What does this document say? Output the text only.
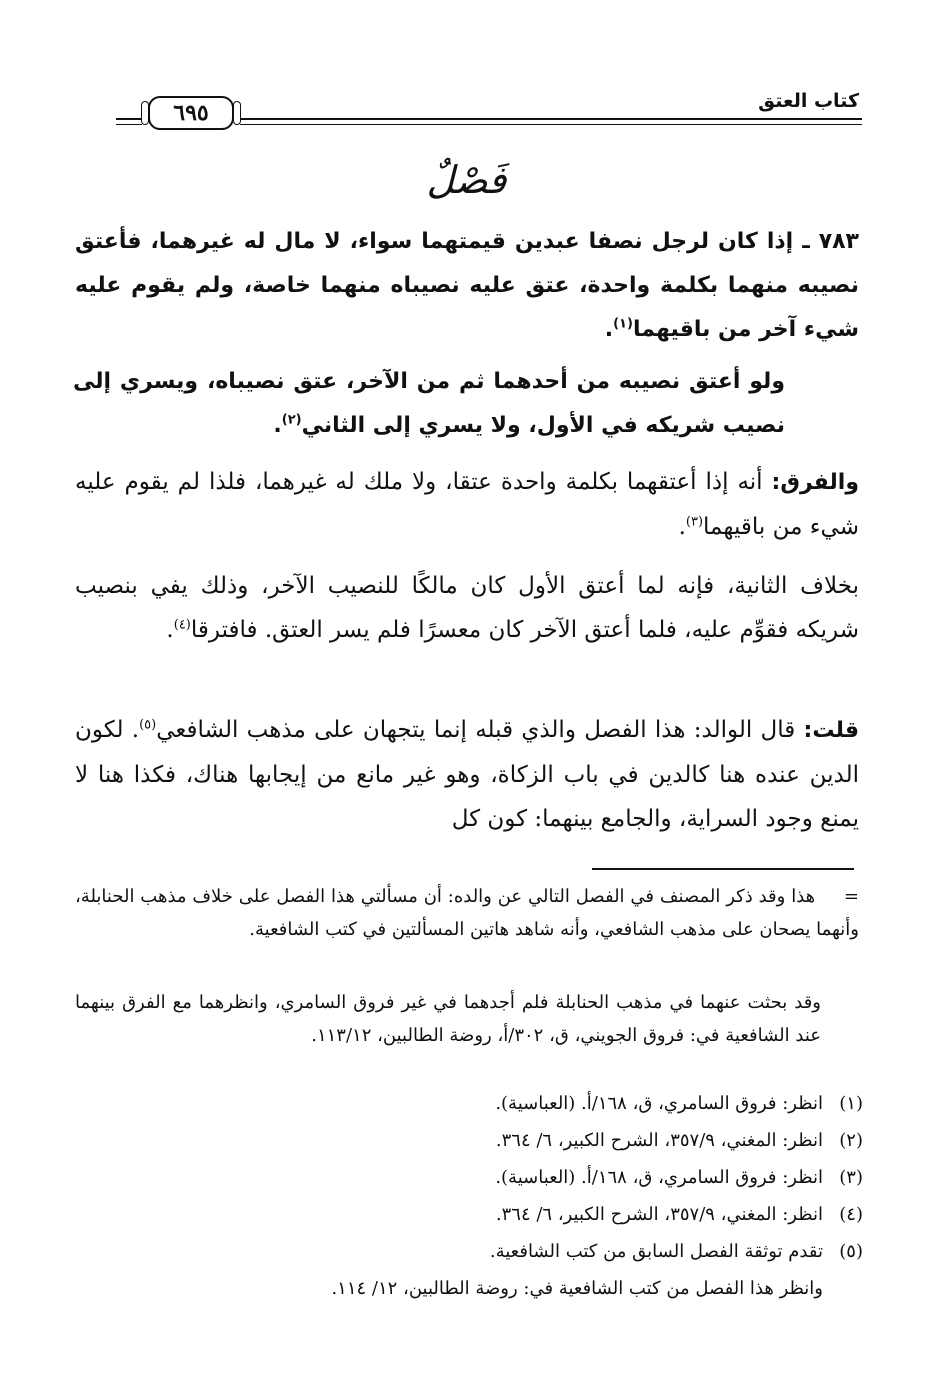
كتاب العتق
٦٩٥
فَصْلٌ
٧٨٣ ـ إذا كان لرجل نصفا عبدين قيمتهما سواء، لا مال له غيرهما، فأعتق نصيبه منهما بكلمة واحدة، عتق عليه نصيباه منهما خاصة، ولم يقوم عليه شيء آخر من باقيهما$^{(١)}$.
ولو أعتق نصيبه من أحدهما ثم من الآخر، عتق نصيباه، ويسري إلى نصيب شريكه في الأول، ولا يسري إلى الثاني$^{(٢)}$.
والفرق: أنه إذا أعتقهما بكلمة واحدة عتقا، ولا ملك له غيرهما، فلذا لم يقوم عليه شيء من باقيهما$^{(٣)}$.
بخلاف الثانية، فإنه لما أعتق الأول كان مالكًا للنصيب الآخر، وذلك يفي بنصيب شريكه فقوِّم عليه، فلما أعتق الآخر كان معسرًا فلم يسر العتق. فافترقا$^{(٤)}$.
قلت: قال الوالد: هذا الفصل والذي قبله إنما يتجهان على مذهب الشافعي$^{(٥)}$. لكون الدين عنده هنا كالدين في باب الزكاة، وهو غير مانع من إيجابها هناك، فكذا هنا لا يمنع وجود السراية، والجامع بينهما: كون كل
= هذا وقد ذكر المصنف في الفصل التالي عن والده: أن مسألتي هذا الفصل على خلاف مذهب الحنابلة، وأنهما يصحان على مذهب الشافعي، وأنه شاهد هاتين المسألتين في كتب الشافعية.
وقد بحثت عنهما في مذهب الحنابلة فلم أجدهما في غير فروق السامري، وانظرهما مع الفرق بينهما عند الشافعية في: فروق الجويني، ق، ٣٠٢/أ، روضة الطالبين، ١١٣/١٢.
(١)
انظر: فروق السامري، ق، ١٦٨/أ. (العباسية).
(٢)
انظر: المغني، ٣٥٧/٩، الشرح الكبير، ٦/ ٣٦٤.
(٣)
انظر: فروق السامري، ق، ١٦٨/أ. (العباسية).
(٤)
انظر: المغني، ٣٥٧/٩، الشرح الكبير، ٦/ ٣٦٤.
(٥)
تقدم توثقة الفصل السابق من كتب الشافعية.
وانظر هذا الفصل من كتب الشافعية في: روضة الطالبين، ١٢/ ١١٤.
